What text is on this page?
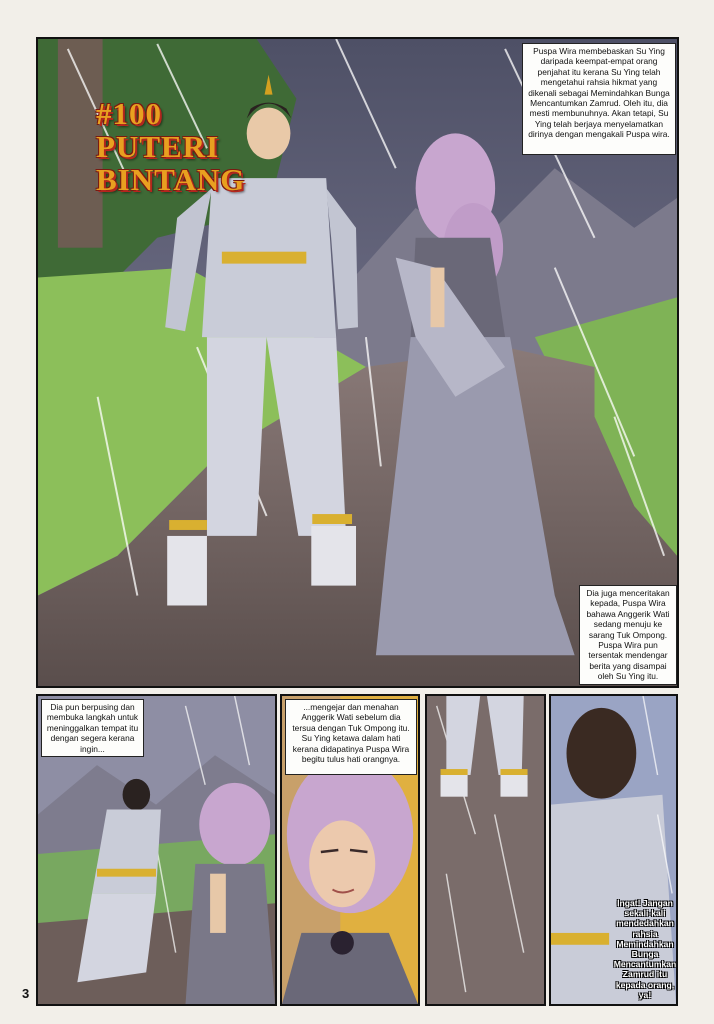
#100
PUTERI
BINTANG
Puspa Wira membebaskan Su Ying daripada keempat-empat orang penjahat itu kerana Su Ying telah mengetahui rahsia hikmat yang dikenali sebagai Memindahkan Bunga Mencantumkan Zamrud. Oleh itu, dia mesti membunuhnya. Akan tetapi, Su Ying telah berjaya menyelamatkan dirinya dengan mengakali Puspa wira.
Dia juga menceritakan kepada, Puspa Wira bahawa Anggerik Wati sedang menuju ke sarang Tuk Ompong. Puspa Wira pun tersentak mendengar berita yang disampai oleh Su Ying itu.
Dia pun berpusing dan membuka langkah untuk meninggalkan tempat itu dengan segera kerana ingin...
...mengejar dan menahan Anggerik Wati sebelum dia tersua dengan Tuk Ompong itu. Su Ying ketawa dalam hati kerana didapatinya Puspa Wira begitu tulus hati orangnya.
Ingat! Jangan sekali-kali mendedahkan rahsia Memindahkan Bunga Mencantumkan Zamrud itu kepada orang, ya!
3
